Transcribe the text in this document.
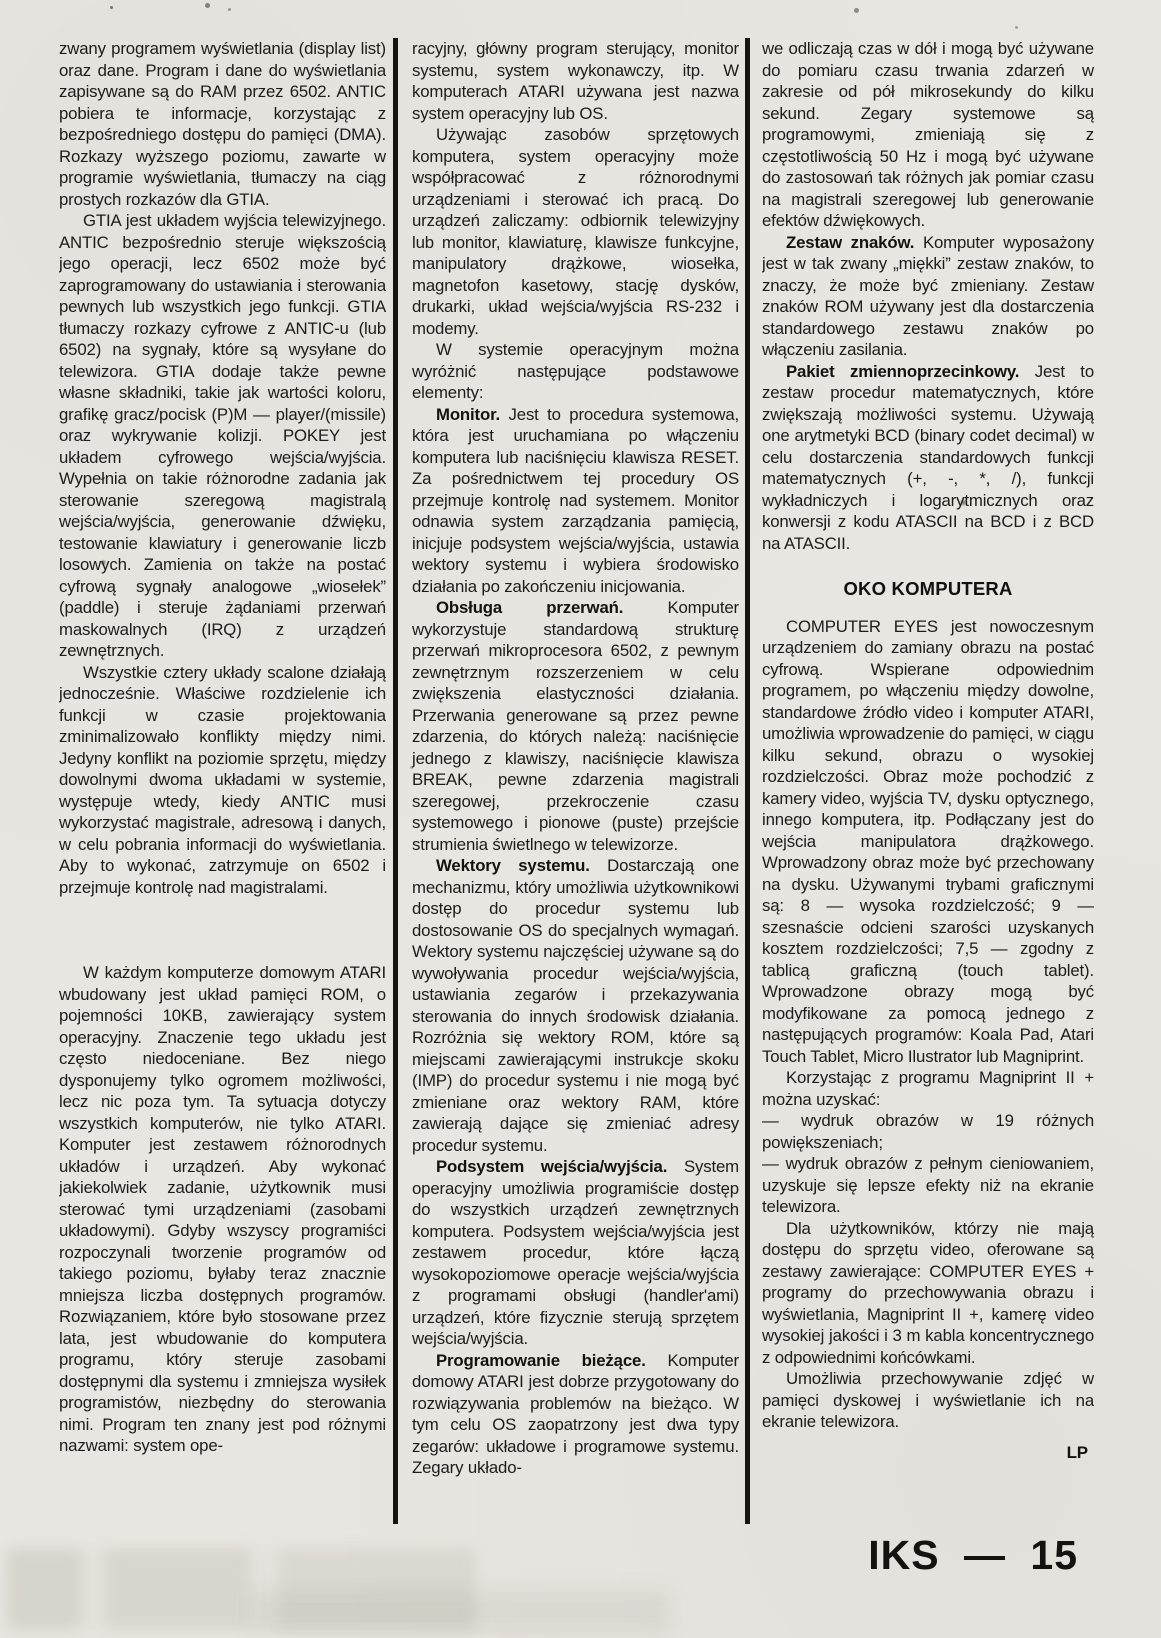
zwany programem wyświetlania (display list) oraz dane. Program i dane do wyświetlania zapisywane są do RAM przez 6502. ANTIC pobiera te informacje, korzystając z bezpośredniego dostępu do pamięci (DMA). Rozkazy wyższego poziomu, zawarte w programie wyświetlania, tłumaczy na ciąg prostych rozkazów dla GTIA.

GTIA jest układem wyjścia telewizyjnego. ANTIC bezpośrednio steruje większością jego operacji, lecz 6502 może być zaprogramowany do ustawiania i sterowania pewnych lub wszystkich jego funkcji. GTIA tłumaczy rozkazy cyfrowe z ANTIC-u (lub 6502) na sygnały, które są wysyłane do telewizora. GTIA dodaje także pewne własne składniki, takie jak wartości koloru, grafikę gracz/pocisk (P)M — player/(missile) oraz wykrywanie kolizji. POKEY jest układem cyfrowego wejścia/wyjścia. Wypełnia on takie różnorodne zadania jak sterowanie szeregową magistralą wejścia/wyjścia, generowanie dźwięku, testowanie klawiatury i generowanie liczb losowych. Zamienia on także na postać cyfrową sygnały analogowe „wiosełek” (paddle) i steruje żądaniami przerwań maskowalnych (IRQ) z urządzeń zewnętrznych.

Wszystkie cztery układy scalone działają jednocześnie. Właściwe rozdzielenie ich funkcji w czasie projektowania zminimalizowało konflikty między nimi. Jedyny konflikt na poziomie sprzętu, między dowolnymi dwoma układami w systemie, występuje wtedy, kiedy ANTIC musi wykorzystać magistrale, adresową i danych, w celu pobrania informacji do wyświetlania. Aby to wykonać, zatrzymuje on 6502 i przejmuje kontrolę nad magistralami.

W każdym komputerze domowym ATARI wbudowany jest układ pamięci ROM, o pojemności 10KB, zawierający system operacyjny. Znaczenie tego układu jest często niedoceniane. Bez niego dysponujemy tylko ogromem możliwości, lecz nic poza tym. Ta sytuacja dotyczy wszystkich komputerów, nie tylko ATARI. Komputer jest zestawem różnorodnych układów i urządzeń. Aby wykonać jakiekolwiek zadanie, użytkownik musi sterować tymi urządzeniami (zasobami układowymi). Gdyby wszyscy programiści rozpoczynali tworzenie programów od takiego poziomu, byłaby teraz znacznie mniejsza liczba dostępnych programów. Rozwiązaniem, które było stosowane przez lata, jest wbudowanie do komputera programu, który steruje zasobami dostępnymi dla systemu i zmniejsza wysiłek programistów, niezbędny do sterowania nimi. Program ten znany jest pod różnymi nazwami: system ope-

racyjny, główny program sterujący, monitor systemu, system wykonawczy, itp. W komputerach ATARI używana jest nazwa system operacyjny lub OS.

Używając zasobów sprzętowych komputera, system operacyjny może współpracować z różnorodnymi urządzeniami i sterować ich pracą. Do urządzeń zaliczamy: odbiornik telewizyjny lub monitor, klawiaturę, klawisze funkcyjne, manipulatory drążkowe, wiosełka, magnetofon kasetowy, stację dysków, drukarki, układ wejścia/wyjścia RS-232 i modemy.

W systemie operacyjnym można wyróżnić następujące podstawowe elementy:

Monitor. Jest to procedura systemowa, która jest uruchamiana po włączeniu komputera lub naciśnięciu klawisza RESET. Za pośrednictwem tej procedury OS przejmuje kontrolę nad systemem. Monitor odnawia system zarządzania pamięcią, inicjuje podsystem wejścia/wyjścia, ustawia wektory systemu i wybiera środowisko działania po zakończeniu inicjowania.

Obsługa przerwań.	Komputer wykorzystuje standardową strukturę przerwań mikroprocesora 6502, z pewnym zewnętrznym rozszerzeniem w celu zwiększenia elastyczności działania. Przerwania generowane są przez pewne zdarzenia, do których należą: naciśnięcie jednego z klawiszy, naciśnięcie klawisza BREAK, pewne zdarzenia magistrali szeregowej, przekroczenie czasu systemowego i pionowe (puste) przejście strumienia świetlnego w telewizorze.

Wektory systemu. Dostarczają one mechanizmu, który umożliwia użytkownikowi dostęp do procedur systemu lub dostosowanie OS do specjalnych wymagań. Wektory systemu najczęściej używane są do wywoływania procedur wejścia/wyjścia, ustawiania zegarów i przekazywania sterowania do innych środowisk działania. Rozróżnia się wektory ROM, które są miejscami zawierającymi instrukcje skoku (IMP) do procedur systemu i nie mogą być zmieniane oraz wektory RAM, które zawierają dające się zmieniać adresy procedur systemu.

Podsystem wejścia/wyjścia. System operacyjny umożliwia programiście dostęp do wszystkich urządzeń zewnętrznych komputera. Podsystem wejścia/wyjścia jest zestawem procedur, które łączą wysokopoziomowe operacje wejścia/wyjścia z programami obsługi (handler'ami) urządzeń, które fizycznie sterują sprzętem wejścia/wyjścia.

Programowanie bieżące. Komputer domowy ATARI jest dobrze przygotowany do rozwiązywania problemów na bieżąco. W tym celu OS zaopatrzony jest dwa typy zegarów: układowe i programowe systemu. Zegary układo-

we odliczają czas w dół i mogą być używane do pomiaru czasu trwania zdarzeń w zakresie od pół mikrosekundy do kilku sekund. Zegary systemowe są programowymi, zmieniają się z częstotliwością 50 Hz i mogą być używane do zastosowań tak różnych jak pomiar czasu na magistrali szeregowej lub generowanie efektów dźwiękowych.

Zestaw znaków. Komputer wyposażony jest w tak zwany „miękki” zestaw znaków, to znaczy, że może być zmieniany. Zestaw znaków ROM używany jest dla dostarczenia standardowego zestawu znaków po włączeniu zasilania.

Pakiet zmiennoprzecinkowy. Jest to zestaw procedur matematycznych, które zwiększają możliwości systemu. Używają one arytmetyki BCD (binary codet decimal) w celu dostarczenia standardowych funkcji matematycznych (+, -, *, /), funkcji wykładniczych i logarytmicznych oraz konwersji z kodu ATASCII na BCD i z BCD na ATASCII.

OKO KOMPUTERA

COMPUTER EYES jest nowoczesnym urządzeniem do zamiany obrazu na postać cyfrową. Wspierane odpowiednim programem, po włączeniu między dowolne, standardowe źródło video i komputer ATARI, umożliwia wprowadzenie do pamięci, w ciągu kilku sekund, obrazu o wysokiej rozdzielczości. Obraz może pochodzić z kamery video, wyjścia TV, dysku optycznego, innego komputera, itp. Podłączany jest do wejścia manipulatora drążkowego. Wprowadzony obraz może być przechowany na dysku. Używanymi trybami graficznymi są: 8 — wysoka rozdzielczość; 9 — szesnaście odcieni szarości uzyskanych kosztem rozdzielczości; 7,5 — zgodny z tablicą graficzną (touch tablet). Wprowadzone obrazy mogą być modyfikowane za pomocą jednego z następujących programów: Koala Pad, Atari Touch Tablet, Micro Ilustrator lub Magniprint.

Korzystając z programu Magniprint II + można uzyskać:

— wydruk obrazów w 19 różnych powiększeniach;

— wydruk obrazów z pełnym cieniowaniem, uzyskuje się lepsze efekty niż na ekranie telewizora.

Dla użytkowników, którzy nie mają dostępu do sprzętu video, oferowane są zestawy zawierające: COMPUTER EYES + programy do przechowywania obrazu i wyświetlania, Magniprint II +, kamerę video wysokiej jakości i 3 m kabla koncentrycznego z odpowiednimi końcówkami.

Umożliwia przechowywanie zdjęć w pamięci dyskowej i wyświetlanie ich na ekranie telewizora.

LP

IKS — 15
